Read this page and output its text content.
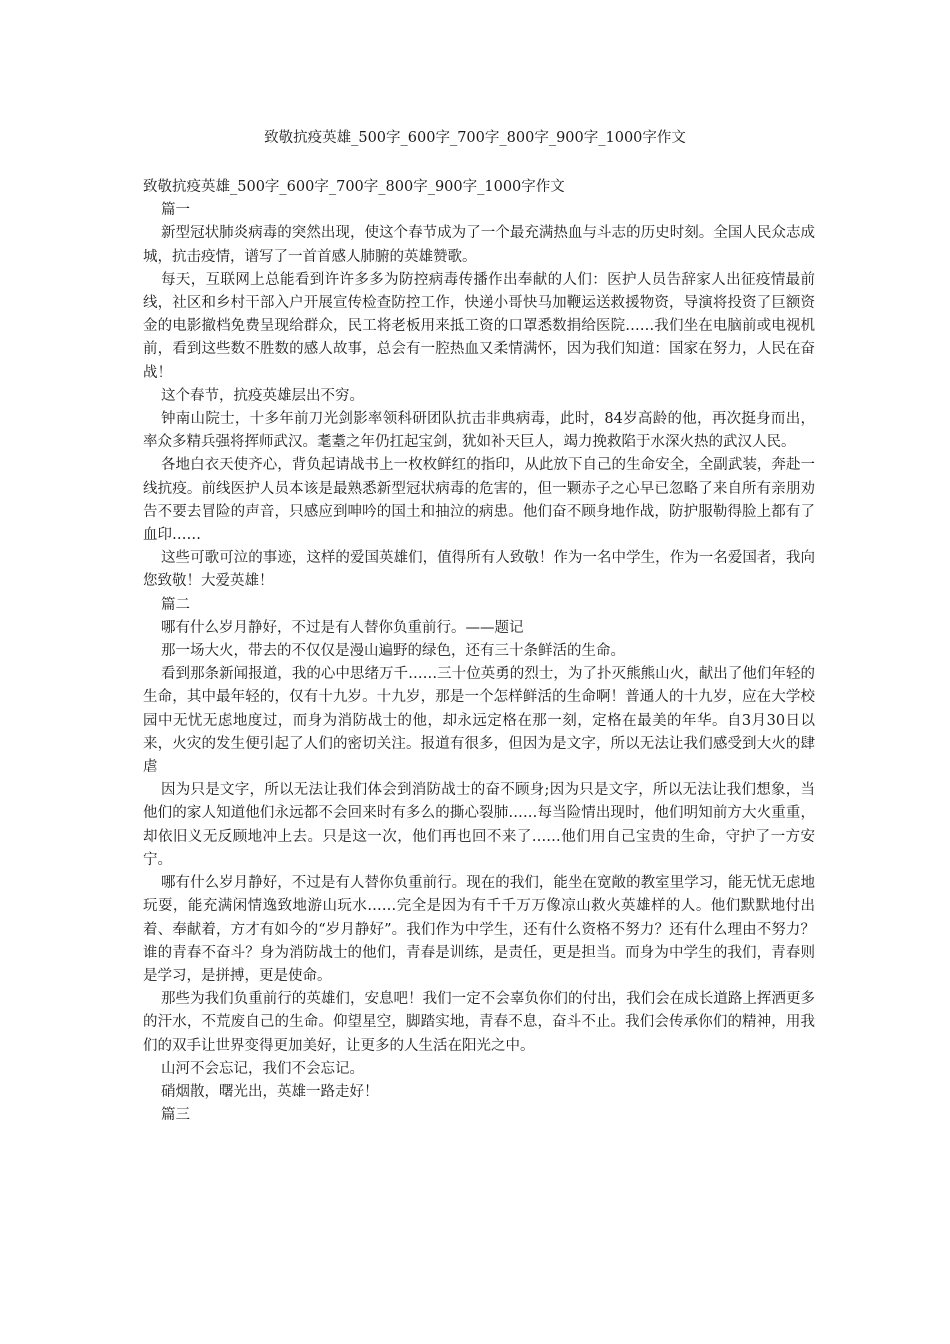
致敬抗疫英雄_500字_600字_700字_800字_900字_1000字作文

致敬抗疫英雄_500字_600字_700字_800字_900字_1000字作文

篇一

新型冠状肺炎病毒的突然出现，使这个春节成为了一个最充满热血与斗志的历史时刻。全国人民众志成城，抗击疫情，谱写了一首首感人肺腑的英雄赞歌。

每天，互联网上总能看到许许多多为防控病毒传播作出奉献的人们：医护人员告辞家人出征疫情最前线，社区和乡村干部入户开展宣传检查防控工作，快递小哥快马加鞭运送救援物资，导演将投资了巨额资金的电影撤档免费呈现给群众，民工将老板用来抵工资的口罩悉数捐给医院……我们坐在电脑前或电视机前，看到这些数不胜数的感人故事，总会有一腔热血又柔情满怀，因为我们知道：国家在努力，人民在奋战！

这个春节，抗疫英雄层出不穷。

钟南山院士，十多年前刀光剑影率领科研团队抗击非典病毒，此时，84岁高龄的他，再次挺身而出，率众多精兵强将挥师武汉。耄耋之年仍扛起宝剑，犹如补天巨人，竭力挽救陷于水深火热的武汉人民。

各地白衣天使齐心，背负起请战书上一枚枚鲜红的指印，从此放下自己的生命安全，全副武装，奔赴一线抗疫。前线医护人员本该是最熟悉新型冠状病毒的危害的，但一颗赤子之心早已忽略了来自所有亲朋劝告不要去冒险的声音，只感应到呻吟的国土和抽泣的病患。他们奋不顾身地作战，防护服勒得脸上都有了血印……

这些可歌可泣的事迹，这样的爱国英雄们，值得所有人致敬！作为一名中学生，作为一名爱国者，我向您致敬！大爱英雄！

篇二

哪有什么岁月静好，不过是有人替你负重前行。——题记

那一场大火，带去的不仅仅是漫山遍野的绿色，还有三十条鲜活的生命。

看到那条新闻报道，我的心中思绪万千……三十位英勇的烈士，为了扑灭熊熊山火，献出了他们年轻的生命，其中最年轻的，仅有十九岁。十九岁，那是一个怎样鲜活的生命啊！普通人的十九岁，应在大学校园中无忧无虑地度过，而身为消防战士的他，却永远定格在那一刻，定格在最美的年华。自3月30日以来，火灾的发生便引起了人们的密切关注。报道有很多，但因为是文字，所以无法让我们感受到大火的肆虐

因为只是文字，所以无法让我们体会到消防战士的奋不顾身;因为只是文字，所以无法让我们想象，当他们的家人知道他们永远都不会回来时有多么的撕心裂肺……每当险情出现时，他们明知前方大火重重，却依旧义无反顾地冲上去。只是这一次，他们再也回不来了……他们用自己宝贵的生命，守护了一方安宁。

哪有什么岁月静好，不过是有人替你负重前行。现在的我们，能坐在宽敞的教室里学习，能无忧无虑地玩耍，能充满闲情逸致地游山玩水……完全是因为有千千万万像凉山救火英雄样的人。他们默默地付出着、奉献着，方才有如今的“岁月静好”。我们作为中学生，还有什么资格不努力？还有什么理由不努力？谁的青春不奋斗？身为消防战士的他们，青春是训练，是责任，更是担当。而身为中学生的我们，青春则是学习，是拼搏，更是使命。

那些为我们负重前行的英雄们，安息吧！我们一定不会辜负你们的付出，我们会在成长道路上挥洒更多的汗水，不荒废自己的生命。仰望星空，脚踏实地，青春不息，奋斗不止。我们会传承你们的精神，用我们的双手让世界变得更加美好，让更多的人生活在阳光之中。

山河不会忘记，我们不会忘记。

硝烟散，曙光出，英雄一路走好！

篇三
